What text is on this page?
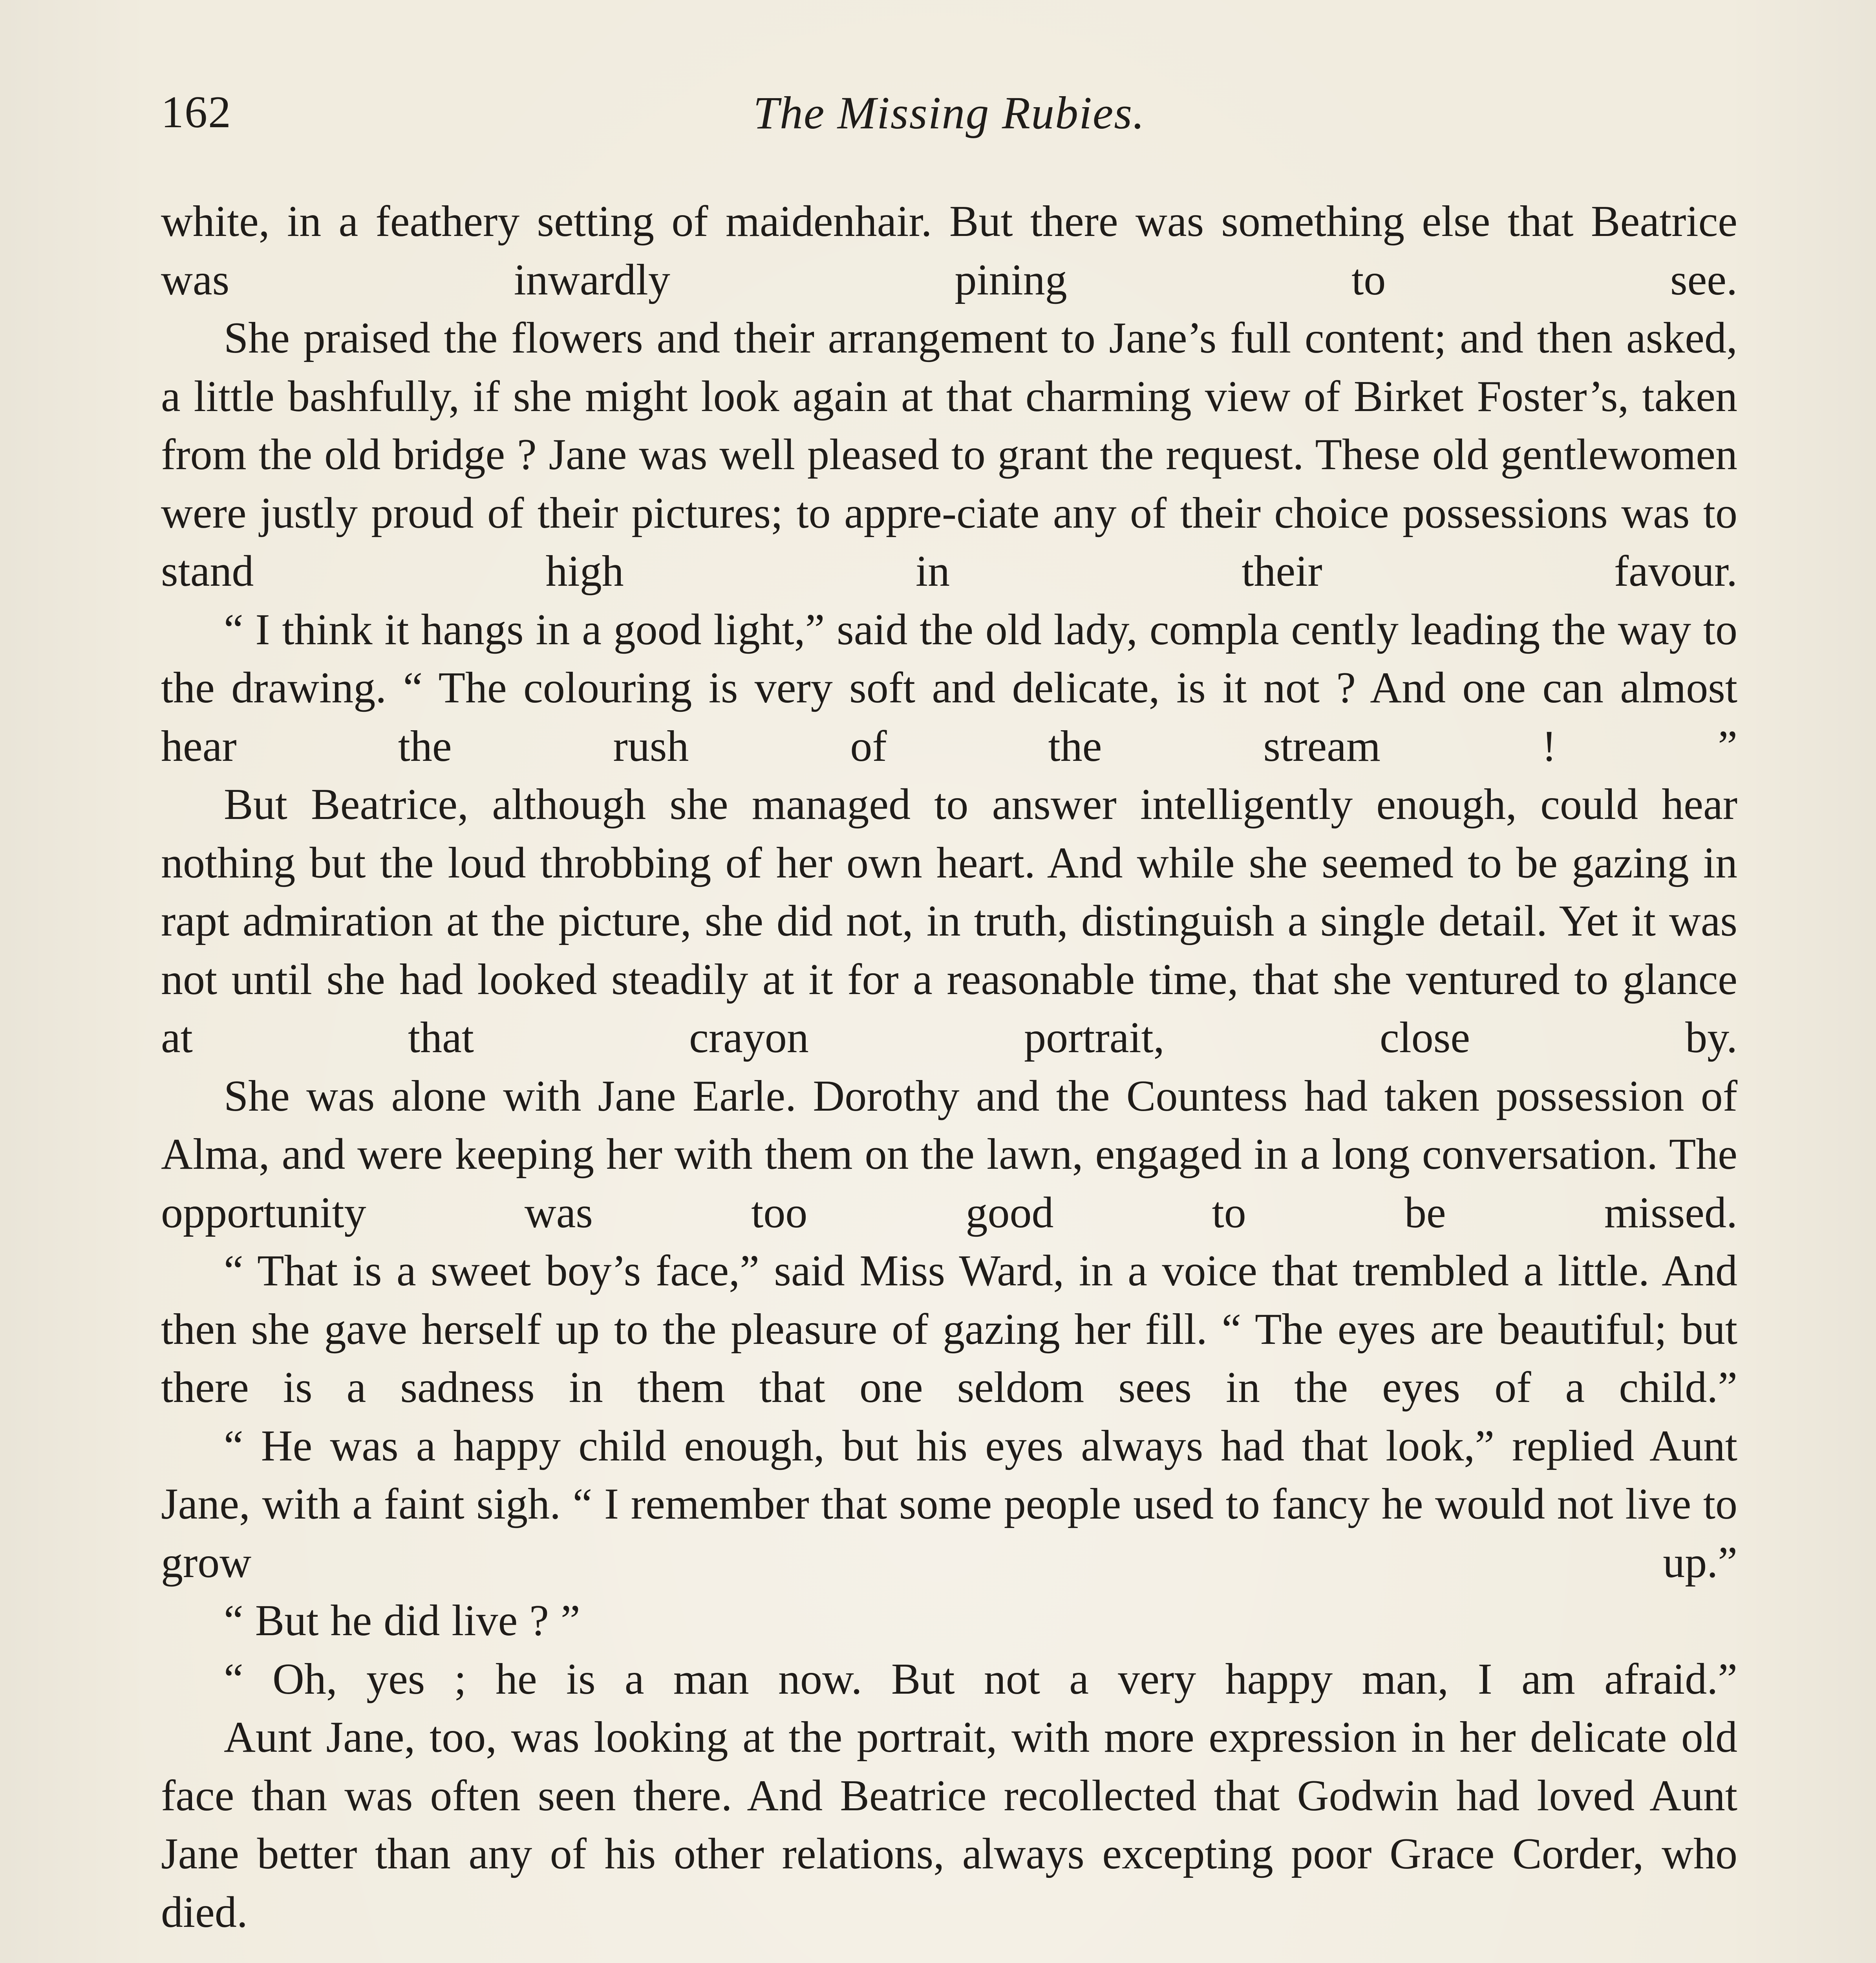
162	The Missing Rubies.

white, in a feathery setting of maidenhair. But there was something else that Beatrice was inwardly pining to see.

She praised the flowers and their arrangement to Jane’s full content; and then asked, a little bashfully, if she might look again at that charming view of Birket Foster’s, taken from the old bridge ? Jane was well pleased to grant the request. These old gentlewomen were justly proud of their pictures; to appre-ciate any of their choice possessions was to stand high in their favour.

“ I think it hangs in a good light,” said the old lady, compla cently leading the way to the drawing. “ The colouring is very soft and delicate, is it not ? And one can almost hear the rush of the stream ! ”

But Beatrice, although she managed to answer intelligently enough, could hear nothing but the loud throbbing of her own heart. And while she seemed to be gazing in rapt admiration at the picture, she did not, in truth, distinguish a single detail. Yet it was not until she had looked steadily at it for a reasonable time, that she ventured to glance at that crayon portrait, close by.

She was alone with Jane Earle. Dorothy and the Countess had taken possession of Alma, and were keeping her with them on the lawn, engaged in a long conversation. The opportunity was too good to be missed.

“ That is a sweet boy’s face,” said Miss Ward, in a voice that trembled a little. And then she gave herself up to the pleasure of gazing her fill. “ The eyes are beautiful; but there is a sadness in them that one seldom sees in the eyes of a child.”

“ He was a happy child enough, but his eyes always had that look,” replied Aunt Jane, with a faint sigh. “ I remember that some people used to fancy he would not live to grow up.”

“ But he did live ? ”

“ Oh, yes ; he is a man now. But not a very happy man, I am afraid.”

Aunt Jane, too, was looking at the portrait, with more expression in her delicate old face than was often seen there. And Beatrice recollected that Godwin had loved Aunt Jane better than any of his other relations, always excepting poor Grace Corder, who died.
